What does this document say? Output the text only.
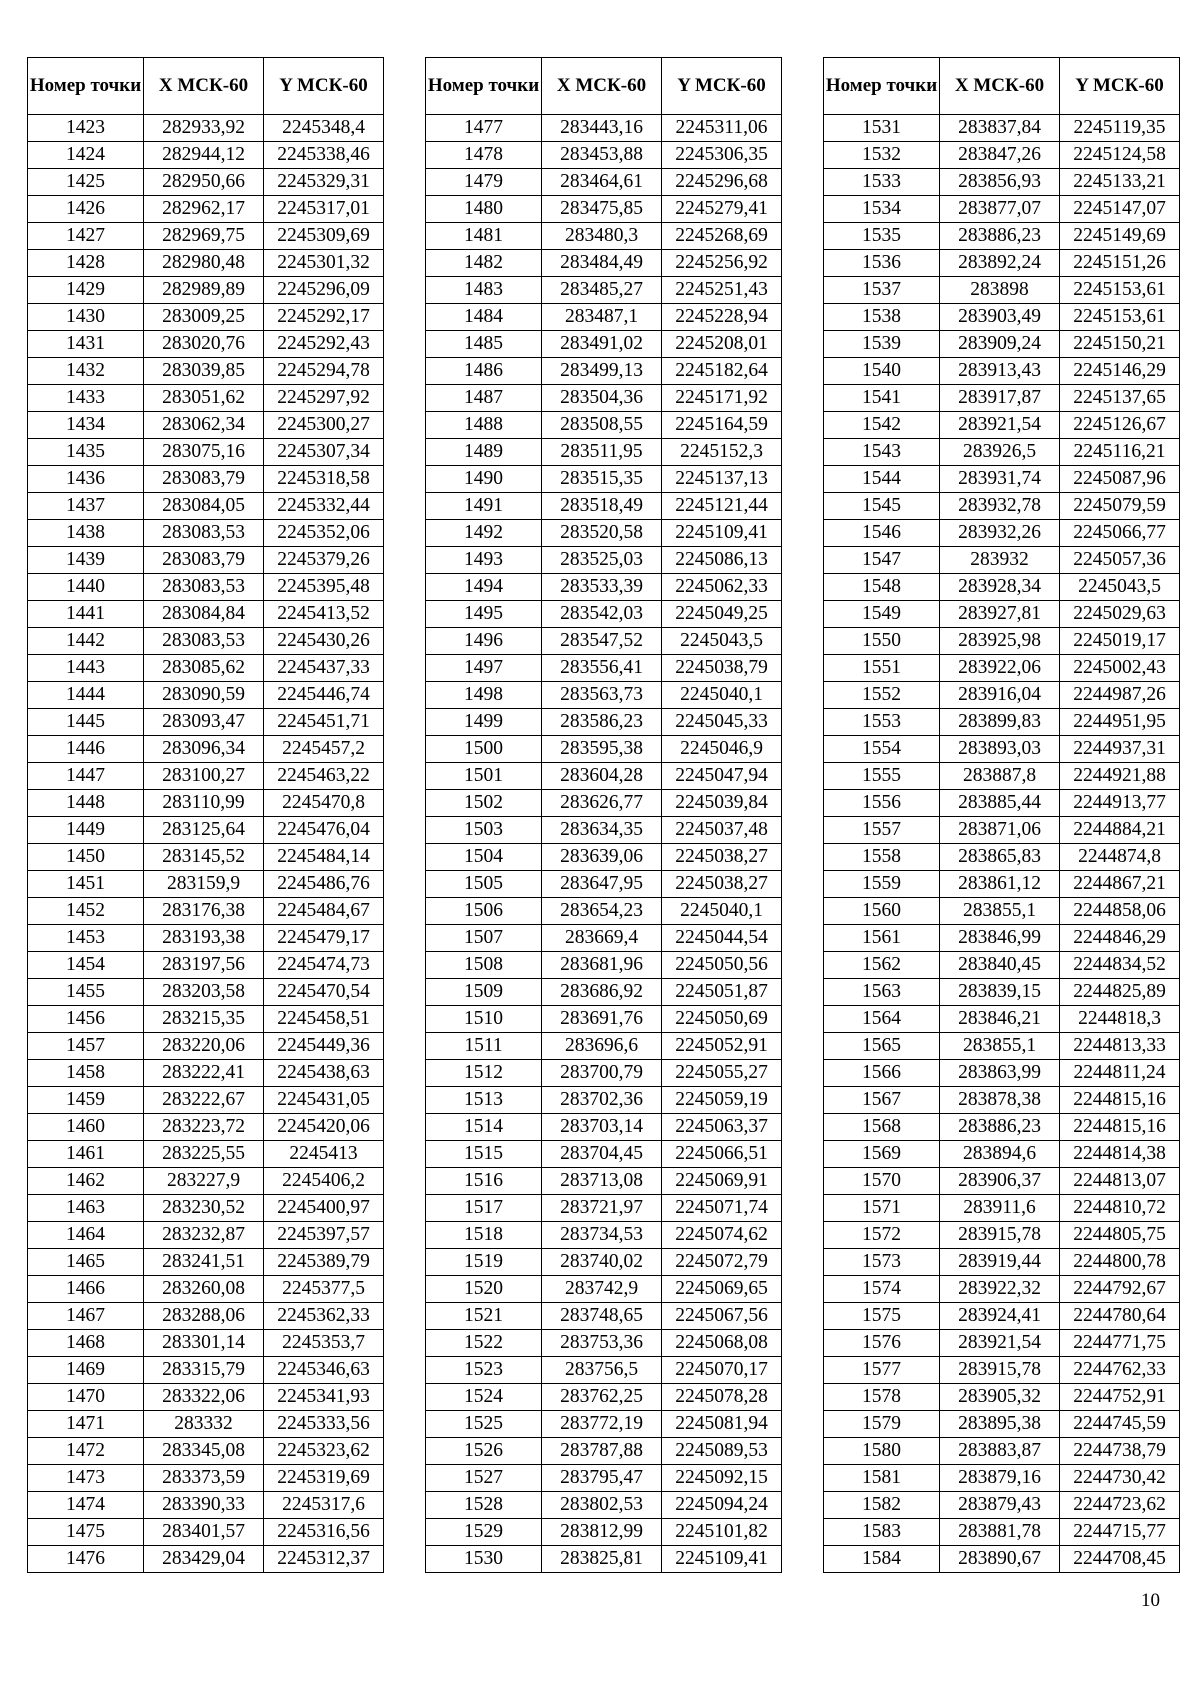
Номер точки	X МСК-60	Y МСК-60
1423	282933,92	2245348,4
1424	282944,12	2245338,46
1425	282950,66	2245329,31
1426	282962,17	2245317,01
1427	282969,75	2245309,69
1428	282980,48	2245301,32
1429	282989,89	2245296,09
1430	283009,25	2245292,17
1431	283020,76	2245292,43
1432	283039,85	2245294,78
1433	283051,62	2245297,92
1434	283062,34	2245300,27
1435	283075,16	2245307,34
1436	283083,79	2245318,58
1437	283084,05	2245332,44
1438	283083,53	2245352,06
1439	283083,79	2245379,26
1440	283083,53	2245395,48
1441	283084,84	2245413,52
1442	283083,53	2245430,26
1443	283085,62	2245437,33
1444	283090,59	2245446,74
1445	283093,47	2245451,71
1446	283096,34	2245457,2
1447	283100,27	2245463,22
1448	283110,99	2245470,8
1449	283125,64	2245476,04
1450	283145,52	2245484,14
1451	283159,9	2245486,76
1452	283176,38	2245484,67
1453	283193,38	2245479,17
1454	283197,56	2245474,73
1455	283203,58	2245470,54
1456	283215,35	2245458,51
1457	283220,06	2245449,36
1458	283222,41	2245438,63
1459	283222,67	2245431,05
1460	283223,72	2245420,06
1461	283225,55	2245413
1462	283227,9	2245406,2
1463	283230,52	2245400,97
1464	283232,87	2245397,57
1465	283241,51	2245389,79
1466	283260,08	2245377,5
1467	283288,06	2245362,33
1468	283301,14	2245353,7
1469	283315,79	2245346,63
1470	283322,06	2245341,93
1471	283332	2245333,56
1472	283345,08	2245323,62
1473	283373,59	2245319,69
1474	283390,33	2245317,6
1475	283401,57	2245316,56
1476	283429,04	2245312,37
Номер точки	X МСК-60	Y МСК-60
1477	283443,16	2245311,06
1478	283453,88	2245306,35
1479	283464,61	2245296,68
1480	283475,85	2245279,41
1481	283480,3	2245268,69
1482	283484,49	2245256,92
1483	283485,27	2245251,43
1484	283487,1	2245228,94
1485	283491,02	2245208,01
1486	283499,13	2245182,64
1487	283504,36	2245171,92
1488	283508,55	2245164,59
1489	283511,95	2245152,3
1490	283515,35	2245137,13
1491	283518,49	2245121,44
1492	283520,58	2245109,41
1493	283525,03	2245086,13
1494	283533,39	2245062,33
1495	283542,03	2245049,25
1496	283547,52	2245043,5
1497	283556,41	2245038,79
1498	283563,73	2245040,1
1499	283586,23	2245045,33
1500	283595,38	2245046,9
1501	283604,28	2245047,94
1502	283626,77	2245039,84
1503	283634,35	2245037,48
1504	283639,06	2245038,27
1505	283647,95	2245038,27
1506	283654,23	2245040,1
1507	283669,4	2245044,54
1508	283681,96	2245050,56
1509	283686,92	2245051,87
1510	283691,76	2245050,69
1511	283696,6	2245052,91
1512	283700,79	2245055,27
1513	283702,36	2245059,19
1514	283703,14	2245063,37
1515	283704,45	2245066,51
1516	283713,08	2245069,91
1517	283721,97	2245071,74
1518	283734,53	2245074,62
1519	283740,02	2245072,79
1520	283742,9	2245069,65
1521	283748,65	2245067,56
1522	283753,36	2245068,08
1523	283756,5	2245070,17
1524	283762,25	2245078,28
1525	283772,19	2245081,94
1526	283787,88	2245089,53
1527	283795,47	2245092,15
1528	283802,53	2245094,24
1529	283812,99	2245101,82
1530	283825,81	2245109,41
Номер точки	X МСК-60	Y МСК-60
1531	283837,84	2245119,35
1532	283847,26	2245124,58
1533	283856,93	2245133,21
1534	283877,07	2245147,07
1535	283886,23	2245149,69
1536	283892,24	2245151,26
1537	283898	2245153,61
1538	283903,49	2245153,61
1539	283909,24	2245150,21
1540	283913,43	2245146,29
1541	283917,87	2245137,65
1542	283921,54	2245126,67
1543	283926,5	2245116,21
1544	283931,74	2245087,96
1545	283932,78	2245079,59
1546	283932,26	2245066,77
1547	283932	2245057,36
1548	283928,34	2245043,5
1549	283927,81	2245029,63
1550	283925,98	2245019,17
1551	283922,06	2245002,43
1552	283916,04	2244987,26
1553	283899,83	2244951,95
1554	283893,03	2244937,31
1555	283887,8	2244921,88
1556	283885,44	2244913,77
1557	283871,06	2244884,21
1558	283865,83	2244874,8
1559	283861,12	2244867,21
1560	283855,1	2244858,06
1561	283846,99	2244846,29
1562	283840,45	2244834,52
1563	283839,15	2244825,89
1564	283846,21	2244818,3
1565	283855,1	2244813,33
1566	283863,99	2244811,24
1567	283878,38	2244815,16
1568	283886,23	2244815,16
1569	283894,6	2244814,38
1570	283906,37	2244813,07
1571	283911,6	2244810,72
1572	283915,78	2244805,75
1573	283919,44	2244800,78
1574	283922,32	2244792,67
1575	283924,41	2244780,64
1576	283921,54	2244771,75
1577	283915,78	2244762,33
1578	283905,32	2244752,91
1579	283895,38	2244745,59
1580	283883,87	2244738,79
1581	283879,16	2244730,42
1582	283879,43	2244723,62
1583	283881,78	2244715,77
1584	283890,67	2244708,45
10
